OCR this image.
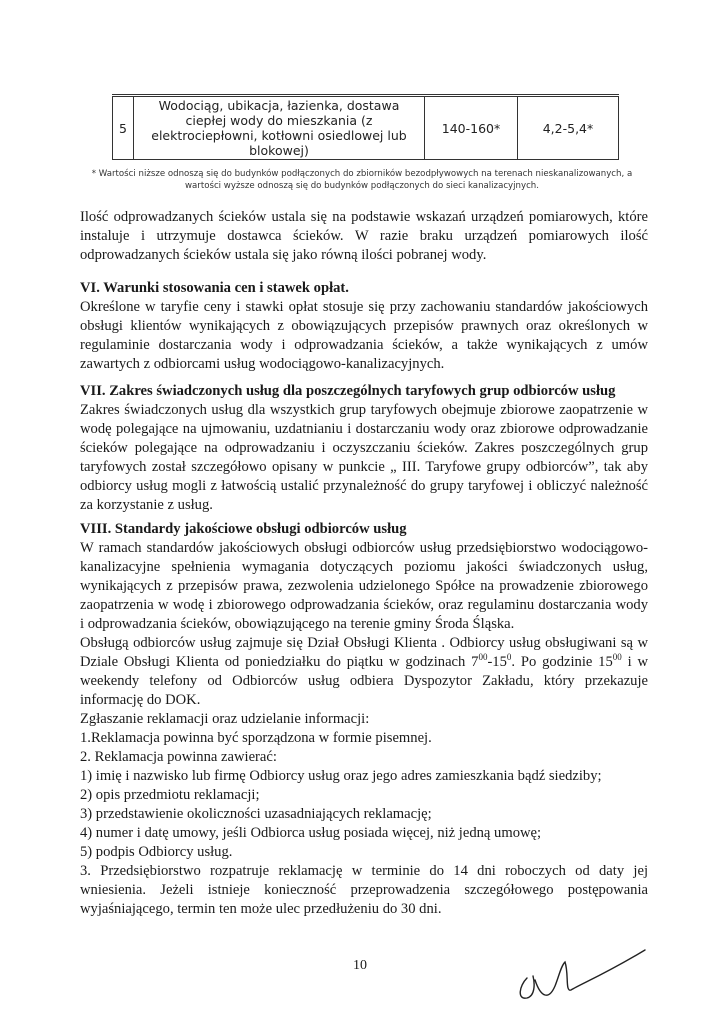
5	Wodociąg, ubikacja, łazienka, dostawa ciepłej wody do mieszkania (z elektrociepłowni, kotłowni osiedlowej lub blokowej)	140-160*	4,2-5,4*
* Wartości niższe odnoszą się do budynków podłączonych do zbiorników bezodpływowych na terenach nieskanalizowanych, a wartości wyższe odnoszą się do budynków podłączonych do sieci kanalizacyjnych.

Ilość odprowadzanych ścieków ustala się na podstawie wskazań urządzeń pomiarowych, które instaluje i utrzymuje dostawca ścieków. W razie braku urządzeń pomiarowych ilość odprowadzanych ścieków ustala się jako równą ilości pobranej wody.

VI. Warunki stosowania cen i stawek opłat.

Określone w taryfie ceny i stawki opłat stosuje się przy zachowaniu standardów jakościowych obsługi klientów wynikających z obowiązujących przepisów prawnych oraz określonych w regulaminie dostarczania wody i odprowadzania ścieków, a także wynikających z umów zawartych z odbiorcami usług wodociągowo-kanalizacyjnych.

VII. Zakres świadczonych usług dla poszczególnych taryfowych grup odbiorców usług

Zakres świadczonych usług dla wszystkich grup taryfowych obejmuje zbiorowe zaopatrzenie w wodę polegające na ujmowaniu, uzdatnianiu i dostarczaniu wody oraz zbiorowe odprowadzanie ścieków polegające na odprowadzaniu i oczyszczaniu ścieków. Zakres poszczególnych grup taryfowych został szczegółowo opisany w punkcie „ III. Taryfowe grupy odbiorców”, tak aby odbiorcy usług mogli z łatwością ustalić przynależność do grupy taryfowej i obliczyć należność za korzystanie z usług.

VIII. Standardy jakościowe obsługi odbiorców usług

W ramach standardów jakościowych obsługi odbiorców usług przedsiębiorstwo wodociągowo-kanalizacyjne spełnienia wymagania dotyczących poziomu jakości świadczonych usług, wynikających z przepisów prawa, zezwolenia udzielonego Spółce na prowadzenie zbiorowego zaopatrzenia w wodę i zbiorowego odprowadzania ścieków, oraz regulaminu dostarczania wody i odprowadzania ścieków, obowiązującego na terenie gminy Środa Śląska.

Obsługą odbiorców usług zajmuje się Dział Obsługi Klienta . Odbiorcy usług obsługiwani są w Dziale Obsługi Klienta od poniedziałku do piątku w godzinach $7^{00}-15^0$. Po godzinie $15^{00}$ i w weekendy telefony od Odbiorców usług odbiera Dyspozytor Zakładu, który przekazuje informację do DOK.

Zgłaszanie reklamacji oraz udzielanie informacji:

1.Reklamacja powinna być sporządzona w formie pisemnej.

2. Reklamacja powinna zawierać:

1) imię i nazwisko lub firmę Odbiorcy usług oraz jego adres zamieszkania bądź siedziby;

2) opis przedmiotu reklamacji;

3) przedstawienie okoliczności uzasadniających reklamację;

4) numer i datę umowy, jeśli Odbiorca usług posiada więcej, niż jedną umowę;

5) podpis Odbiorcy usług.

3. Przedsiębiorstwo rozpatruje reklamację w terminie do 14 dni roboczych od daty jej wniesienia. Jeżeli istnieje konieczność przeprowadzenia szczegółowego postępowania wyjaśniającego, termin ten może ulec przedłużeniu do 30 dni.

10
